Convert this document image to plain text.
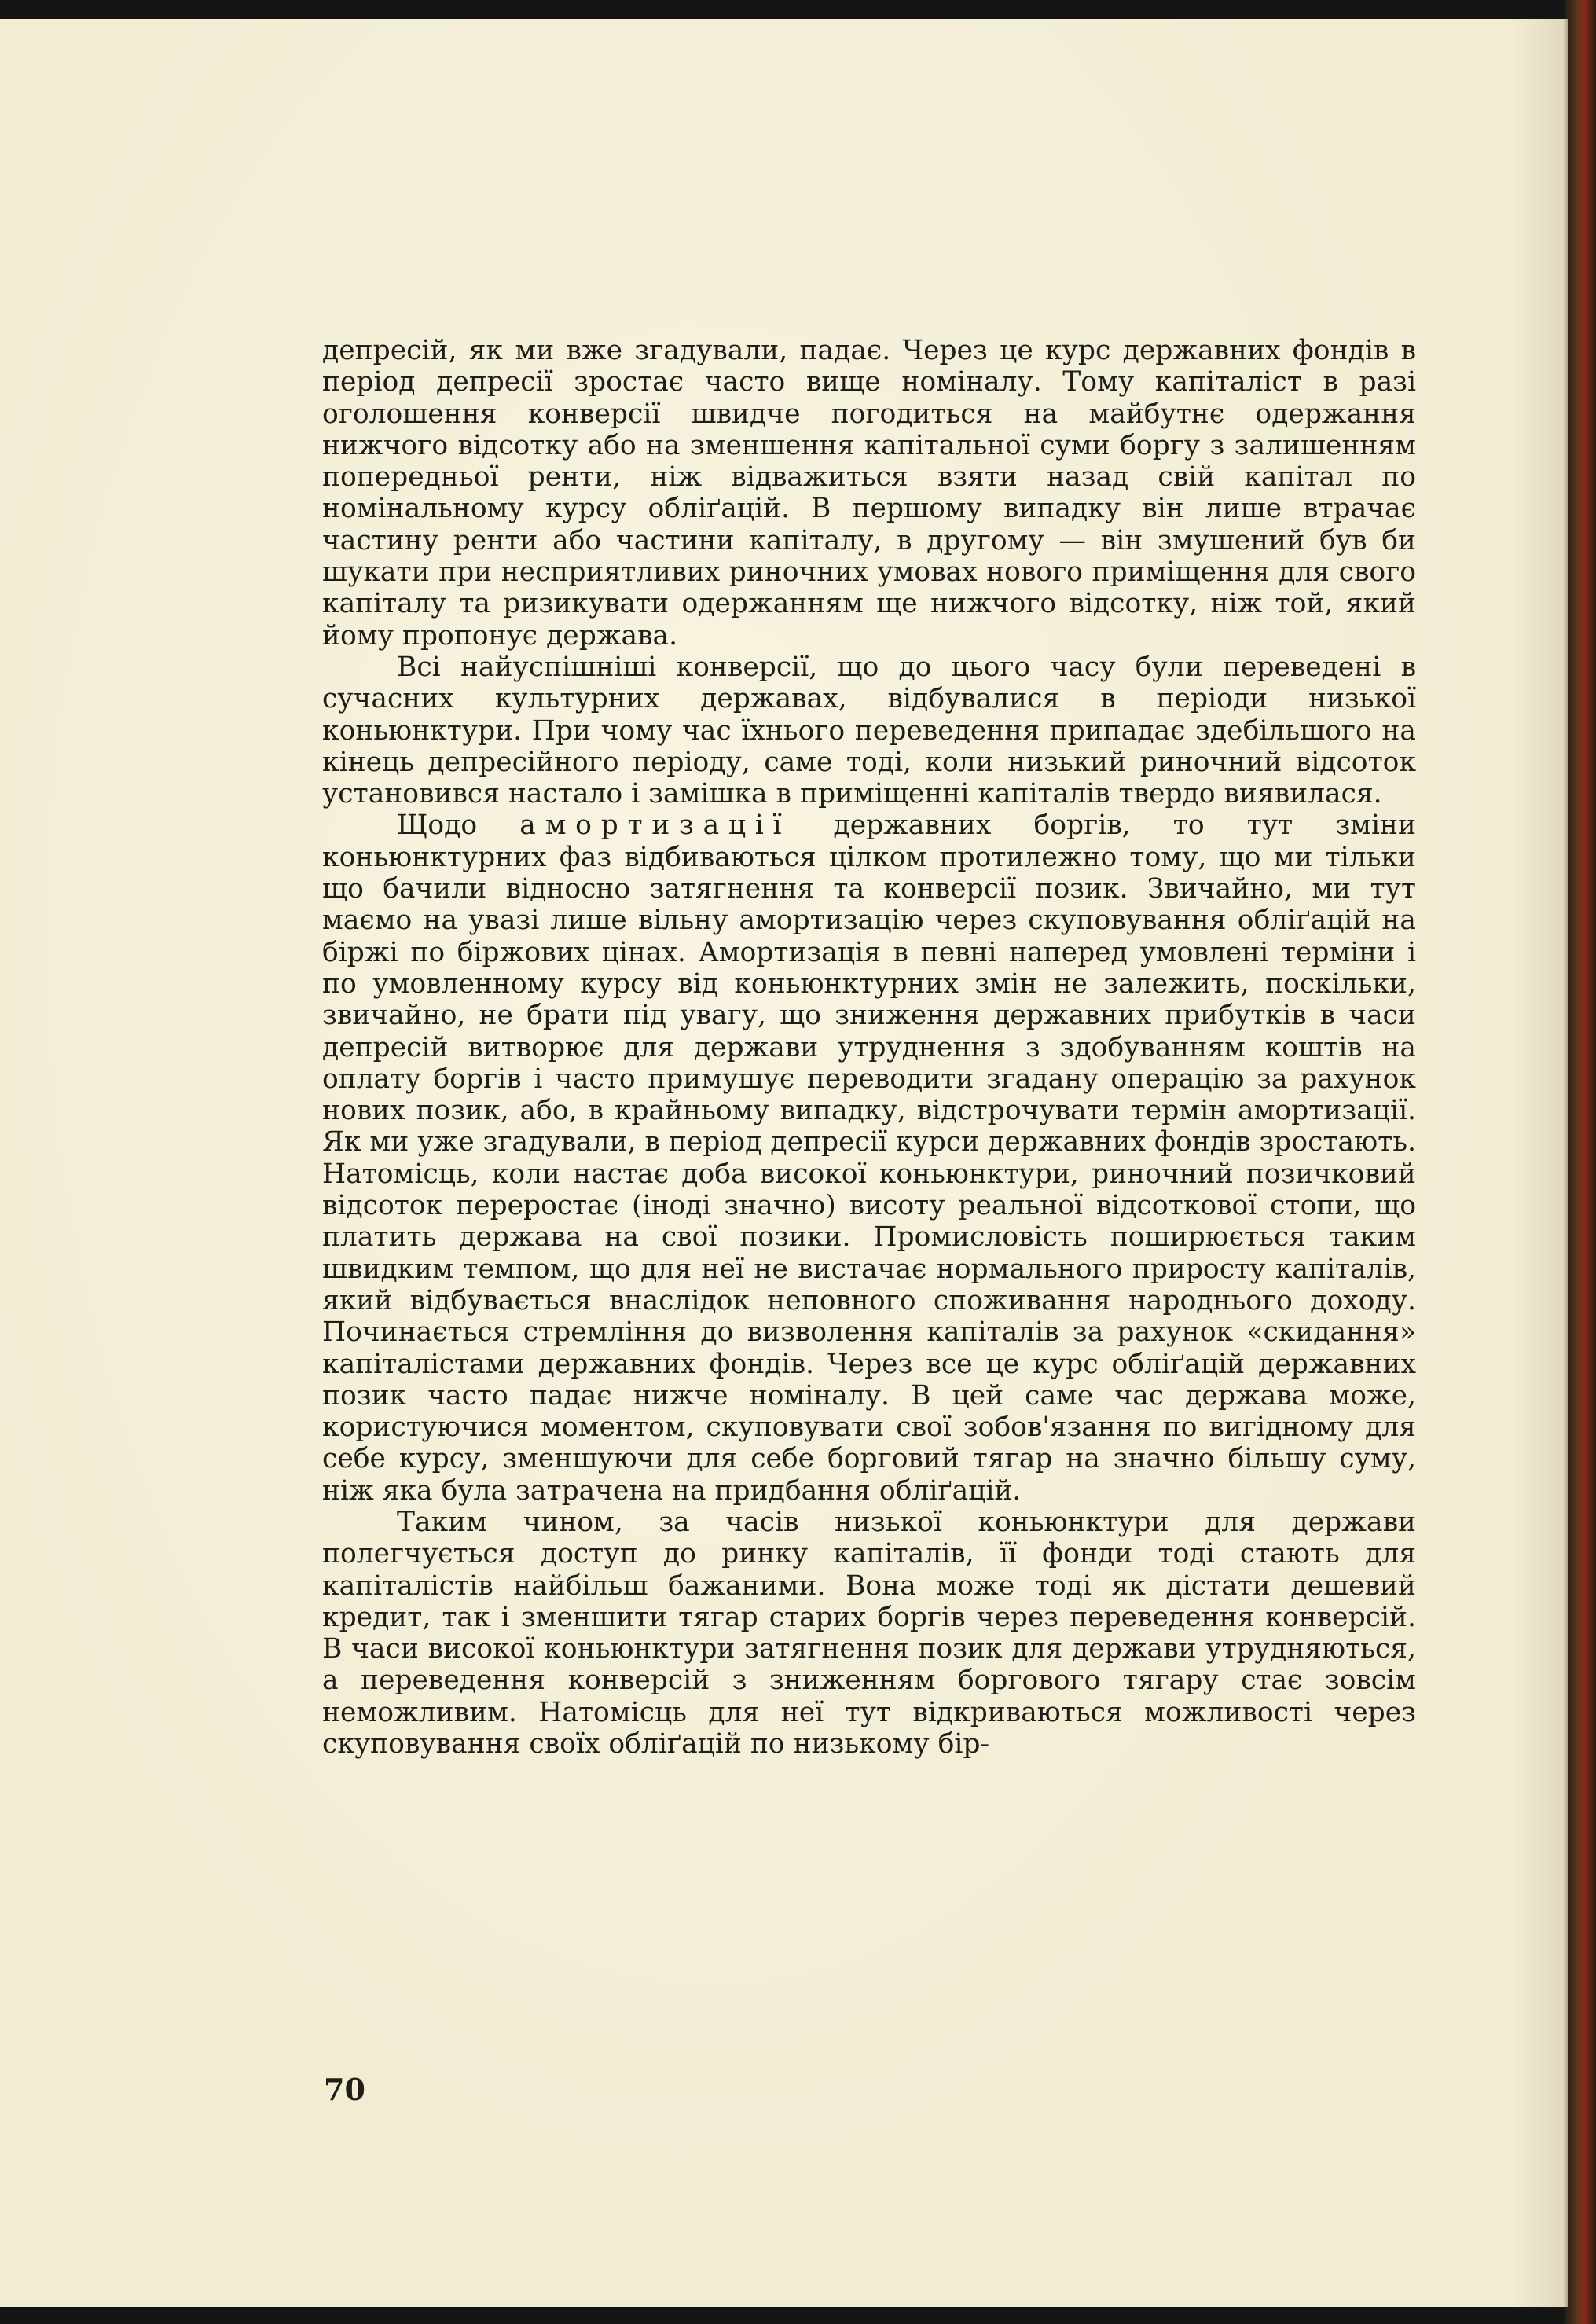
депресій, як ми вже згадували, падає. Через це курс державних фондів в період депресії зростає часто вище номіналу. Тому капіталіст в разі оголошення конверсії швидче погодиться на майбутнє одержання нижчого відсотку або на зменшення капітальної суми боргу з залишенням попередньої ренти, ніж відважиться взяти назад свій капітал по номінальному курсу обліґацій. В першому випадку він лише втрачає частину ренти або частини капіталу, в другому — він змушений був би шукати при несприятливих риночних умовах нового приміщення для свого капіталу та ризикувати одержанням ще нижчого відсотку, ніж той, який йому пропонує держава.

Всі найуспішніші конверсії, що до цього часу були переведені в сучасних культурних державах, відбувалися в періоди низької коньюнктури. При чому час їхнього переведення припадає здебільшого на кінець депресійного періоду, саме тоді, коли низький риночний відсоток установився настало і замішка в приміщенні капіталів твердо виявилася.

Щодо амортизації державних боргів, то тут зміни коньюнктурних фаз відбиваються цілком протилежно тому, що ми тільки що бачили відносно затягнення та конверсії позик. Звичайно, ми тут маємо на увазі лише вільну амортизацію через скуповування обліґацій на біржі по біржових цінах. Амортизація в певні наперед умовлені терміни і по умовленному курсу від коньюнктурних змін не залежить, поскільки, звичайно, не брати під увагу, що зниження державних прибутків в часи депресій витворює для держави утруднення з здобуванням коштів на оплату боргів і часто примушує переводити згадану операцію за рахунок нових позик, або, в крайньому випадку, відстрочувати термін амортизації. Як ми уже згадували, в період депресії курси державних фондів зростають. Натомісць, коли настає доба високої коньюнктури, риночний позичковий відсоток переростає (іноді значно) висоту реальної відсоткової стопи, що платить держава на свої позики. Промисловість поширюється таким швидким темпом, що для неї не вистачає нормального приросту капіталів, який відбувається внаслідок неповного споживання народнього доходу. Починається стремління до визволення капіталів за рахунок «скидання» капіталістами державних фондів. Через все це курс обліґацій державних позик часто падає нижче номіналу. В цей саме час держава може, користуючися моментом, скуповувати свої зобов'язання по вигідному для себе курсу, зменшуючи для себе борговий тягар на значно більшу суму, ніж яка була затрачена на придбання обліґацій.

Таким чином, за часів низької коньюнктури для держави полегчується доступ до ринку капіталів, її фонди тоді стають для капіталістів найбільш бажаними. Вона може тоді як дістати дешевий кредит, так і зменшити тягар старих боргів через переведення конверсій. В часи високої коньюнктури затягнення позик для держави утрудняються, а переведення конверсій з зниженням боргового тягару стає зовсім неможливим. Натомісць для неї тут відкриваються можливості через скуповування своїх обліґацій по низькому бір-

70
